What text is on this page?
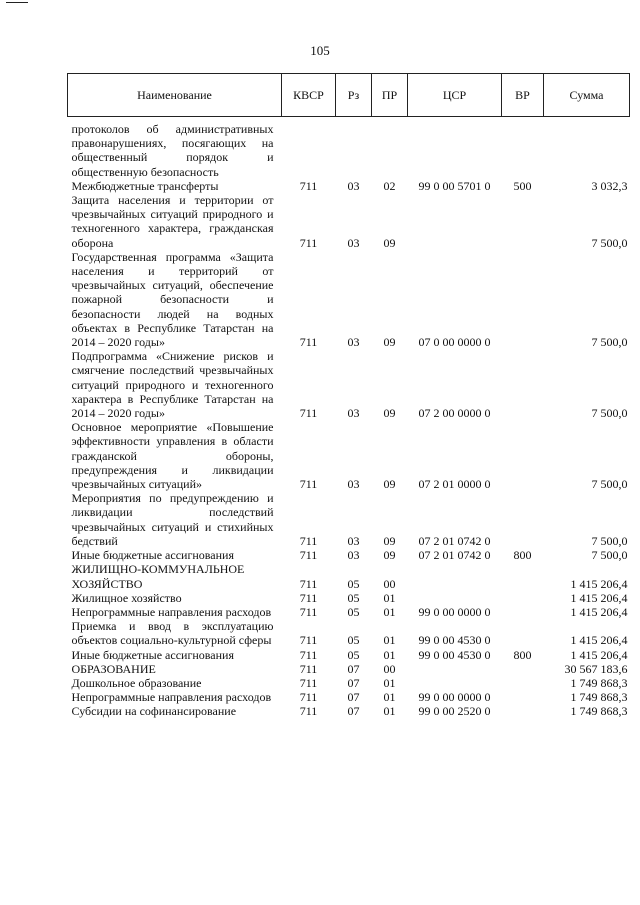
105
Наименование	КВСР	Рз	ПР	ЦСР	ВР	Сумма
протоколов об административных правонарушениях, посягающих на общественный порядок и общественную безопасность						
Межбюджетные трансферты	711	03	02	99 0 00 5701 0	500	3 032,3
Защита населения и территории от чрезвычайных ситуаций природного и техногенного характера, гражданская оборона	711	03	09			7 500,0
Государственная программа «Защита населения и территорий от чрезвычайных ситуаций, обеспечение пожарной безопасности и безопасности людей на водных объектах в Республике Татарстан на 2014 – 2020 годы»	711	03	09	07 0 00 0000 0		7 500,0
Подпрограмма «Снижение рисков и смягчение последствий чрезвычайных ситуаций природного и техногенного характера в Республике Татарстан на 2014 – 2020 годы»	711	03	09	07 2 00 0000 0		7 500,0
Основное мероприятие «Повышение эффективности управления в области гражданской обороны, предупреждения и ликвидации чрезвычайных ситуаций»	711	03	09	07 2 01 0000 0		7 500,0
Мероприятия по предупреждению и ликвидации последствий чрезвычайных ситуаций и стихийных бедствий	711	03	09	07 2 01 0742 0		7 500,0
Иные бюджетные ассигнования	711	03	09	07 2 01 0742 0	800	7 500,0
ЖИЛИЩНО-КОММУНАЛЬНОЕ ХОЗЯЙСТВО	711	05	00			1 415 206,4
Жилищное хозяйство	711	05	01			1 415 206,4
Непрограммные направления расходов	711	05	01	99 0 00 0000 0		1 415 206,4
Приемка и ввод в эксплуатацию объектов социально-культурной сферы	711	05	01	99 0 00 4530 0		1 415 206,4
Иные бюджетные ассигнования	711	05	01	99 0 00 4530 0	800	1 415 206,4
ОБРАЗОВАНИЕ	711	07	00			30 567 183,6
Дошкольное образование	711	07	01			1 749 868,3
Непрограммные направления расходов	711	07	01	99 0 00 0000 0		1 749 868,3
Субсидии на софинансирование	711	07	01	99 0 00 2520 0		1 749 868,3
